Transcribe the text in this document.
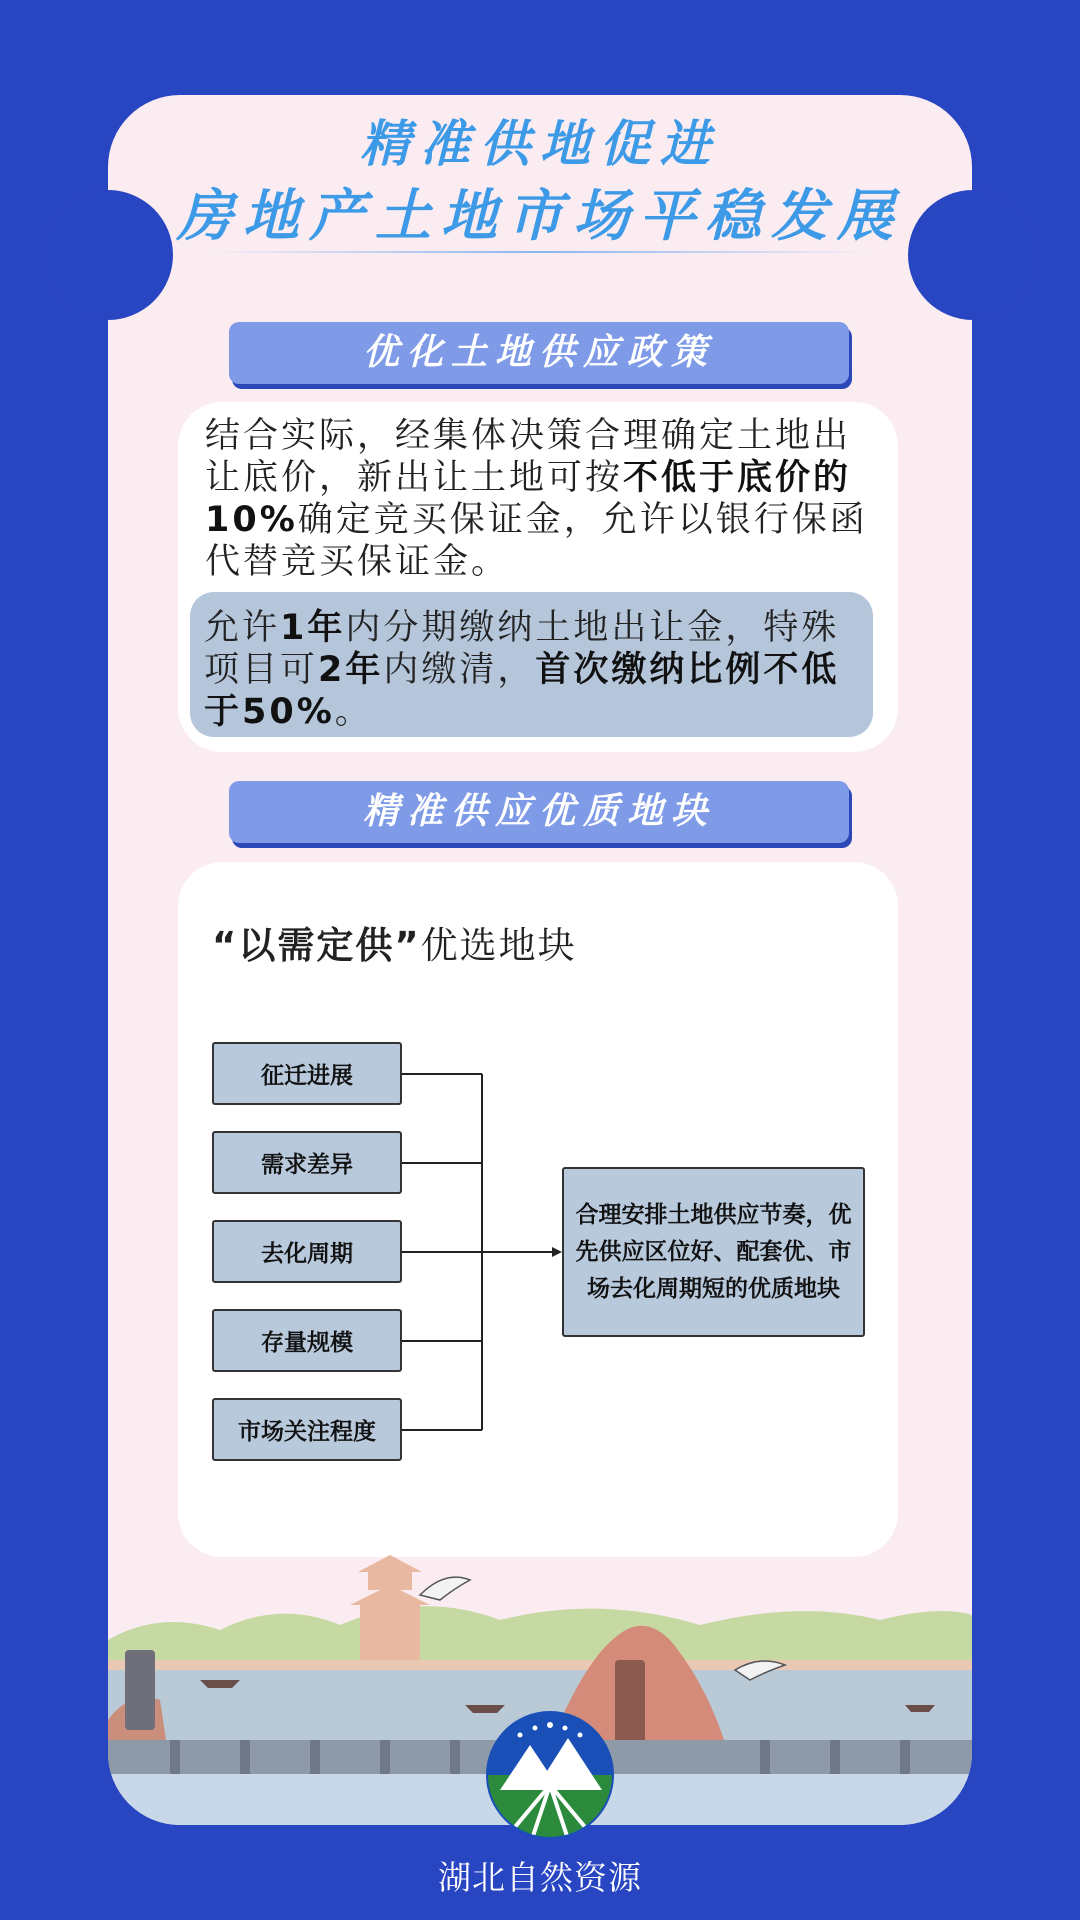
精准供地促进
房地产土地市场平稳发展
优化土地供应政策
结合实际，经集体决策合理确定土地出让底价，新出让土地可按不低于底价的10%确定竞买保证金，允许以银行保函代替竞买保证金。
允许1年内分期缴纳土地出让金，特殊项目可2年内缴清，首次缴纳比例不低于50%。
精准供应优质地块
“以需定供”优选地块
征迁进展
需求差异
去化周期
存量规模
市场关注程度
合理安排土地供应节奏，优先供应区位好、配套优、市场去化周期短的优质地块
湖北自然资源
